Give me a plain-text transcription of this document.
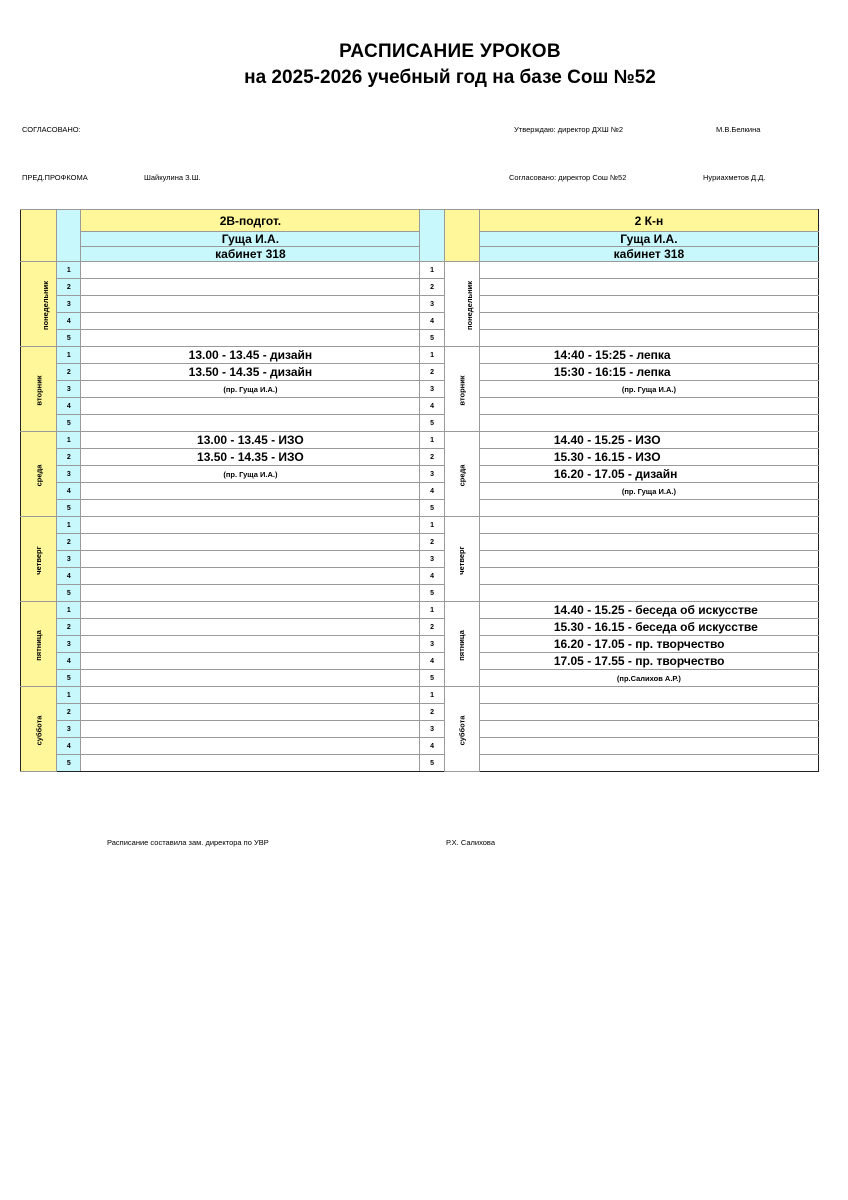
РАСПИСАНИЕ УРОКОВ
на 2025-2026 учебный год на базе Сош №52
СОГЛАСОВАНО:	Утверждаю: директор ДХШ №2	М.В.Белкина
ПРЕД.ПРОФКОМА	Шайкулина З.Ш.	Согласовано: директор Сош №52	Нуриахметов Д.Д.
		2В-подгот.			2 К-н
		Гуща И.А.			Гуща И.А.
		кабинет 318			кабинет 318
понедельник	1		1	понедельник	
	2		2		
	3		3		
	4		4		
	5		5		
вторник	1	13.00 - 13.45 - дизайн	1	вторник	14:40 - 15:25 - лепка
	2	13.50 - 14.35 - дизайн	2		15:30 - 16:15 - лепка
	3	(пр. Гуща И.А.)	3		(пр. Гуща И.А.)
	4		4		
	5		5		
среда	1	13.00 - 13.45 - ИЗО	1	среда	14.40 - 15.25 - ИЗО
	2	13.50 - 14.35 - ИЗО	2		15.30 - 16.15 - ИЗО
	3	(пр. Гуща И.А.)	3		16.20 - 17.05 - дизайн
	4		4		(пр. Гуща И.А.)
	5		5		
четверг	1		1	четверг	
	2		2		
	3		3		
	4		4		
	5		5		
пятница	1		1	пятница	14.40 - 15.25 - беседа об искусстве
	2		2		15.30 - 16.15 - беседа об искусстве
	3		3		16.20 - 17.05 - пр. творчество
	4		4		17.05 - 17.55 - пр. творчество
	5		5		(пр.Салихов А.Р.)
суббота	1		1	суббота	
	2		2		
	3		3		
	4		4		
	5		5		
Расписание составила зам. директора по УВР	Р.Х. Салихова
